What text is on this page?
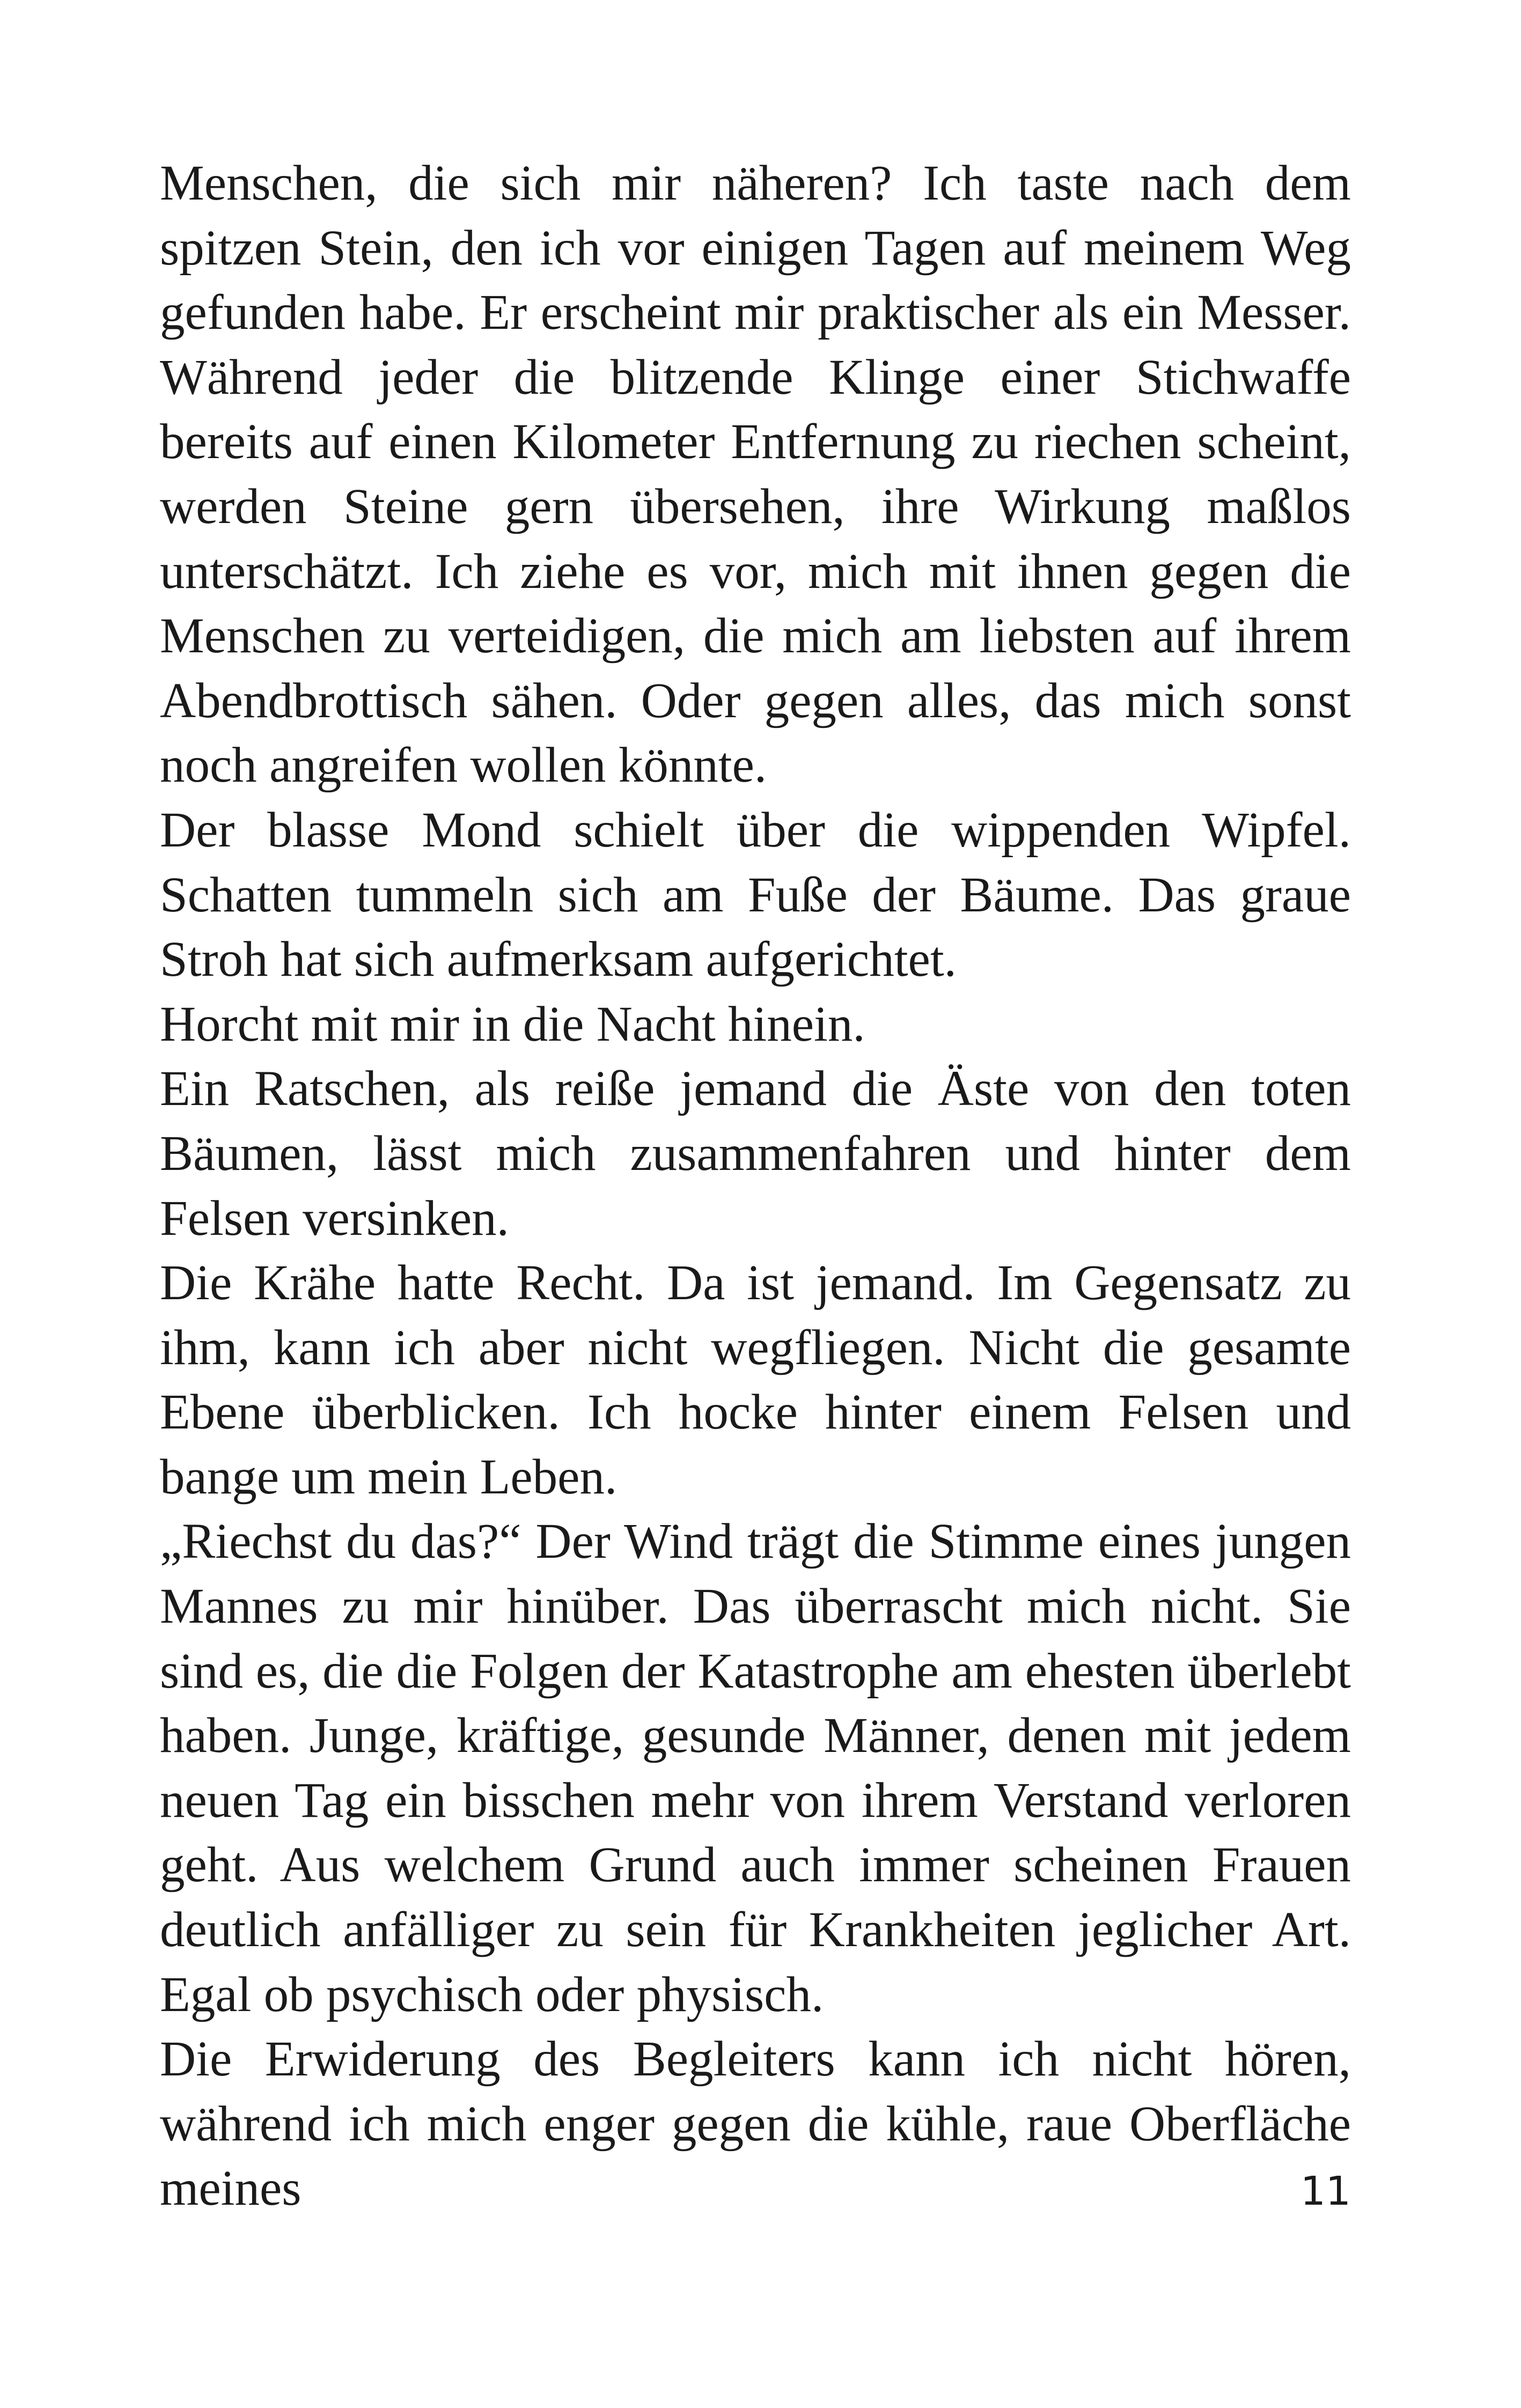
Menschen, die sich mir näheren? Ich taste nach dem spitzen Stein, den ich vor einigen Tagen auf meinem Weg gefunden habe. Er erscheint mir praktischer als ein Messer. Während jeder die blitzende Klinge einer Stichwaffe bereits auf einen Kilometer Entfernung zu riechen scheint, werden Steine gern übersehen, ihre Wirkung maßlos unterschätzt. Ich ziehe es vor, mich mit ihnen gegen die Menschen zu verteidigen, die mich am liebsten auf ihrem Abendbrottisch sähen. Oder gegen alles, das mich sonst noch angreifen wollen könnte.

Der blasse Mond schielt über die wippenden Wipfel. Schatten tummeln sich am Fuße der Bäume. Das graue Stroh hat sich aufmerksam aufgerichtet.

Horcht mit mir in die Nacht hinein.

Ein Ratschen, als reiße jemand die Äste von den toten Bäumen, lässt mich zusammenfahren und hinter dem Felsen versinken.

Die Krähe hatte Recht. Da ist jemand. Im Gegensatz zu ihm, kann ich aber nicht wegfliegen. Nicht die gesamte Ebene überblicken. Ich hocke hinter einem Felsen und bange um mein Leben.

„Riechst du das?“ Der Wind trägt die Stimme eines jungen Mannes zu mir hinüber. Das überrascht mich nicht. Sie sind es, die die Folgen der Katastrophe am ehesten überlebt haben. Junge, kräftige, gesunde Männer, denen mit jedem neuen Tag ein bisschen mehr von ihrem Verstand verloren geht. Aus welchem Grund auch immer scheinen Frauen deutlich anfälliger zu sein für Krankheiten jeglicher Art. Egal ob psychisch oder physisch.

Die Erwiderung des Begleiters kann ich nicht hören, während ich mich enger gegen die kühle, raue Oberfläche meines	11
